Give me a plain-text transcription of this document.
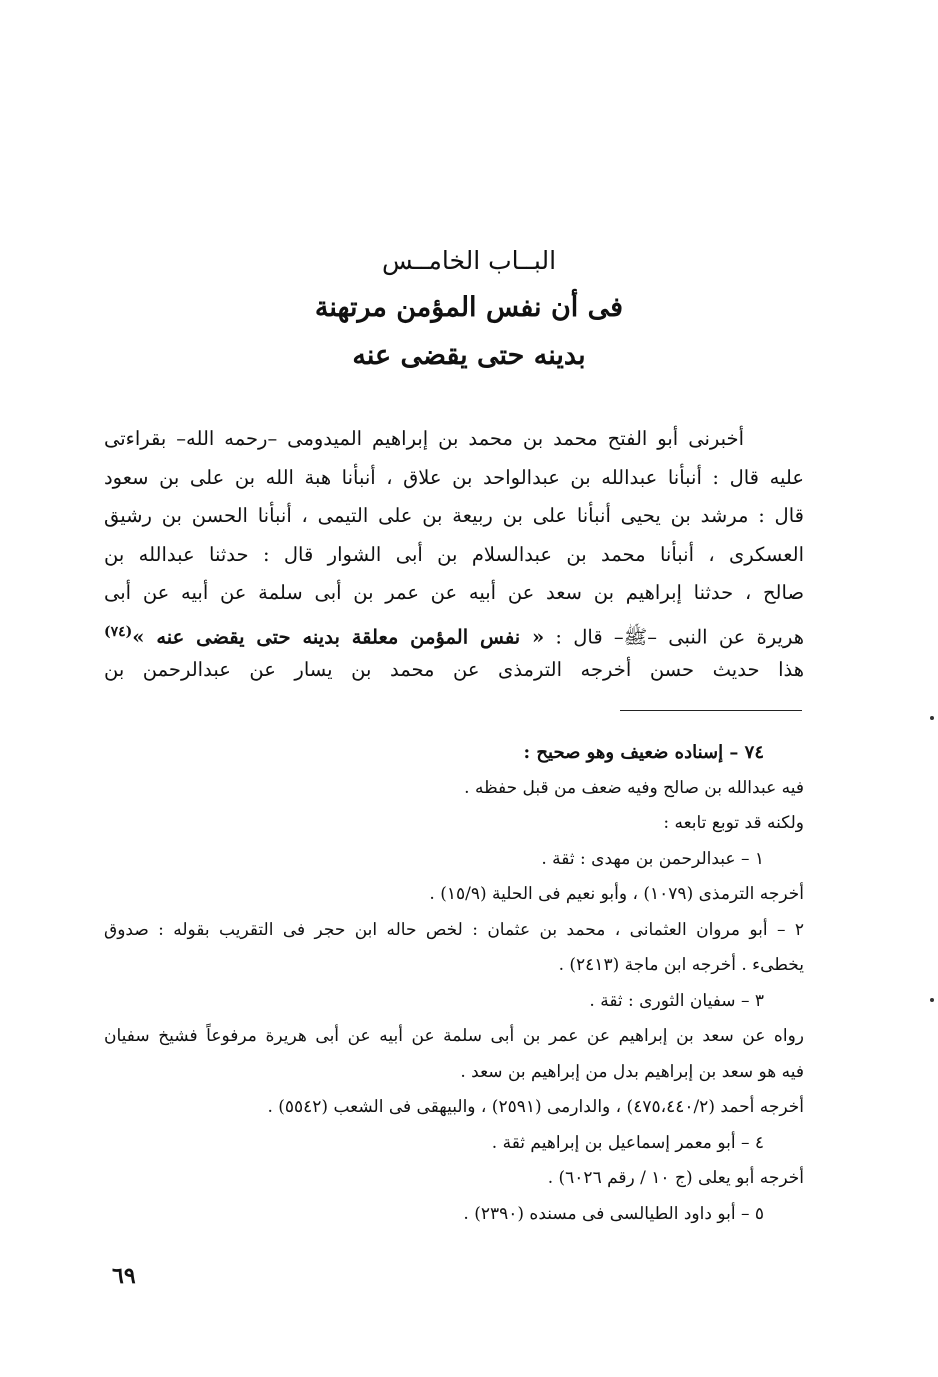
البــاب الخامــس
فى أن نفس المؤمن مرتهنة
بدينه حتى يقضى عنه
أخبرنى أبو الفتح محمد بن محمد بن إبراهيم الميدومى –رحمه الله– بقراءتى
عليه قال : أنبأنا عبدالله بن عبدالواحد بن علاق ، أنبأنا هبة الله بن على بن سعود
قال : مرشد بن يحيى أنبأنا على بن ربيعة بن على التيمى ، أنبأنا الحسن بن رشيق
العسكرى ، أنبأنا محمد بن عبدالسلام بن أبى الشوار قال : حدثنا عبدالله بن
صالح ، حدثنا إبراهيم بن سعد عن أبيه عن عمر بن أبى سلمة عن أبيه عن أبى
هريرة عن النبى –ﷺ– قال : « نفس المؤمن معلقة بدينه حتى يقضى عنه »$^{(٧٤)}$
هذا حديث حسن أخرجه الترمذى عن محمد بن يسار عن عبدالرحمن بن
٧٤ – إسناده ضعيف وهو صحيح :
فيه عبدالله بن صالح وفيه ضعف من قبل حفظه .
ولكنه قد توبع تابعه :
١ – عبدالرحمن بن مهدى : ثقة .
أخرجه الترمذى (١٠٧٩) ، وأبو نعيم فى الحلية (١٥/٩) .
٢ – أبو مروان العثمانى ، محمد بن عثمان : لخص حاله ابن حجر فى التقريب بقوله : صدوق
يخطىء . أخرجه ابن ماجة (٢٤١٣) .
٣ – سفيان الثورى : ثقة .
رواه عن سعد بن إبراهيم عن عمر بن أبى سلمة عن أبيه عن أبى هريرة مرفوعاً فشيخ سفيان
فيه هو سعد بن إبراهيم بدل من إبراهيم بن سعد .
أخرجه أحمد (٤٧٥،٤٤٠/٢) ، والدارمى (٢٥٩١) ، والبيهقى فى الشعب (٥٥٤٢) .
٤ – أبو معمر إسماعيل بن إبراهيم ثقة .
أخرجه أبو يعلى (ج ١٠ / رقم ٦٠٢٦) .
٥ – أبو داود الطيالسى فى مسنده (٢٣٩٠) .
٦٩
